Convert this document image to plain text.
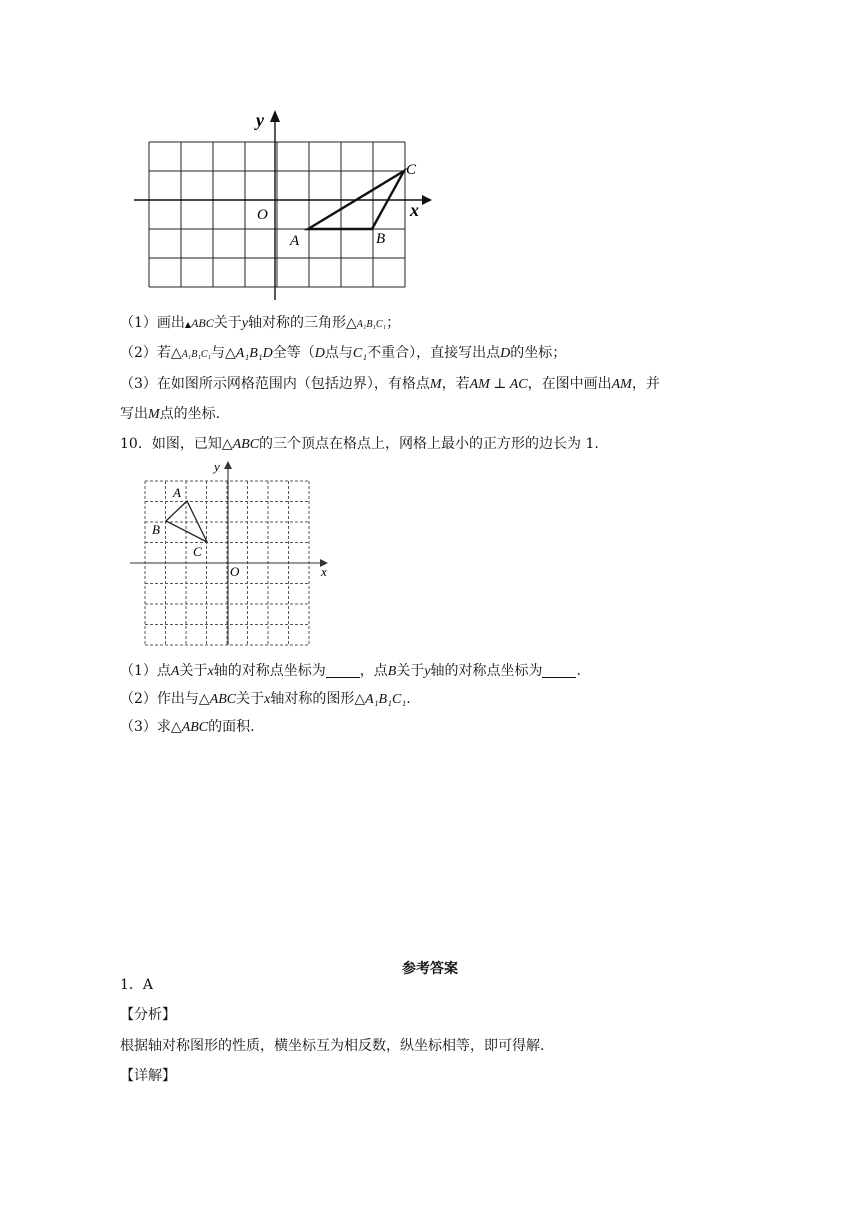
y
x
O
A	B
C
（1）画出▲ABC关于y轴对称的三角形△A₁B₁C₁；
（2）若△A₁B₁C₁与△A₁B₁D全等（D点与C₁不重合），直接写出点D的坐标；
（3）在如图所示网格范围内（包括边界），有格点M，若AM ⊥ AC，在图中画出AM，并
写出M点的坐标.
10．如图，已知△ABC的三个顶点在格点上，网格上最小的正方形的边长为 1.
y
x
O
A
B
C
（1）点A关于x轴的对称点坐标为 ，点B关于y轴的对称点坐标为 .
（2）作出与△ABC关于x轴对称的图形△A₁B₁C₁.
（3）求△ABC的面积.
参考答案
1．A
【分析】
根据轴对称图形的性质，横坐标互为相反数，纵坐标相等，即可得解.
【详解】
